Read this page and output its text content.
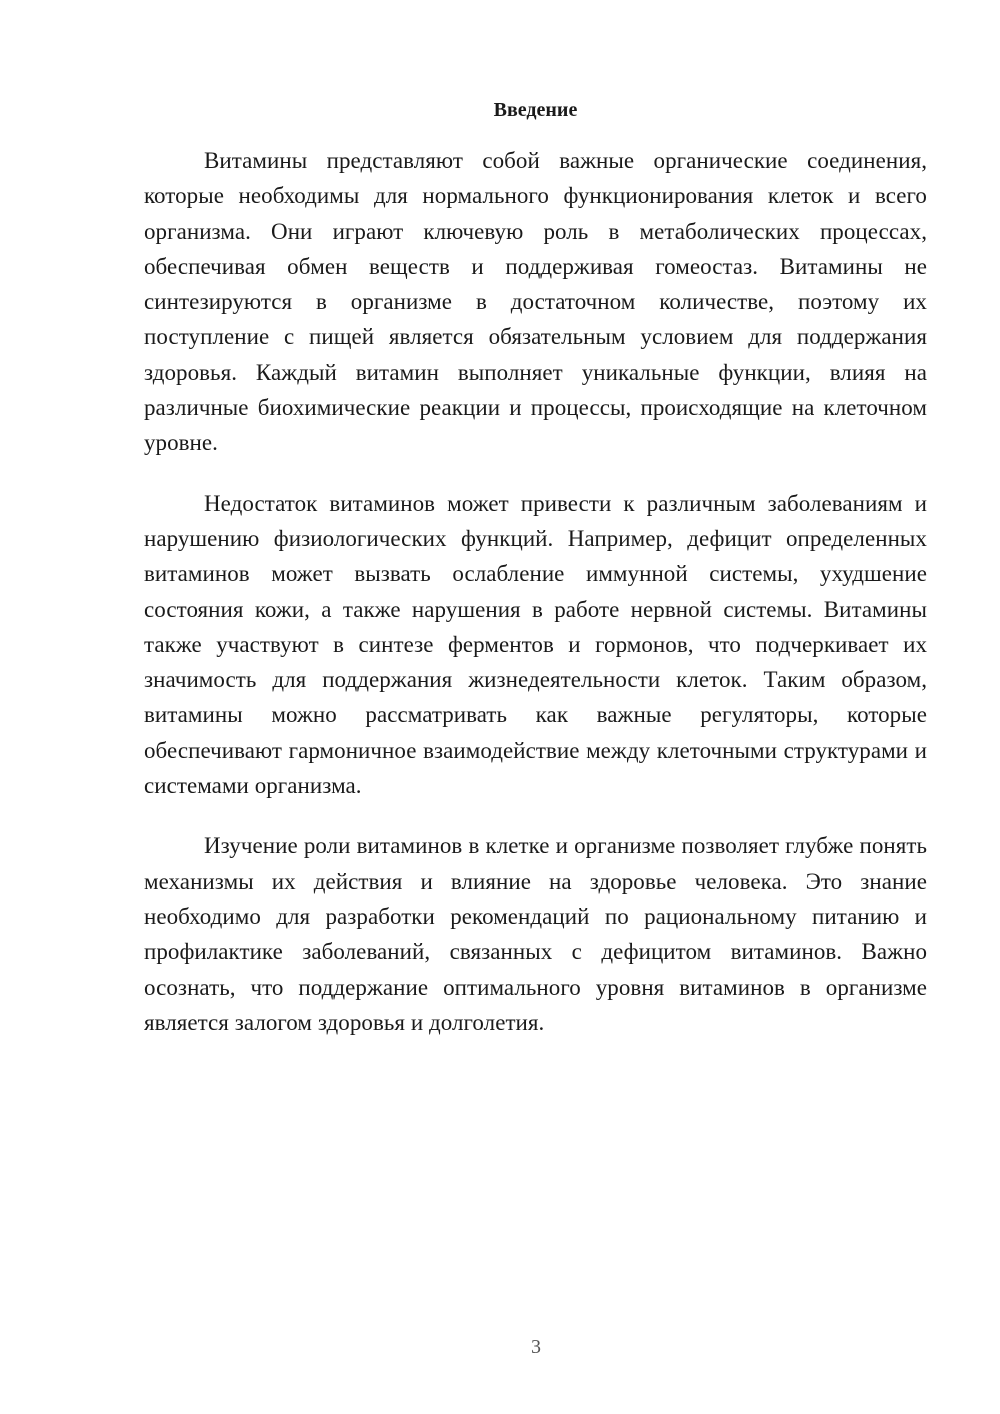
Введение

Витамины представляют собой важные органические соединения, которые необходимы для нормального функционирования клеток и всего организма. Они играют ключевую роль в метаболических процессах, обеспечивая обмен веществ и поддерживая гомеостаз. Витамины не синтезируются в организме в достаточном количестве, поэтому их поступление с пищей является обязательным условием для поддержания здоровья. Каждый витамин выполняет уникальные функции, влияя на различные биохимические реакции и процессы, происходящие на клеточном уровне.

Недостаток витаминов может привести к различным заболеваниям и нарушению физиологических функций. Например, дефицит определенных витаминов может вызвать ослабление иммунной системы, ухудшение состояния кожи, а также нарушения в работе нервной системы. Витамины также участвуют в синтезе ферментов и гормонов, что подчеркивает их значимость для поддержания жизнедеятельности клеток. Таким образом, витамины можно рассматривать как важные регуляторы, которые обеспечивают гармоничное взаимодействие между клеточными структурами и системами организма.

Изучение роли витаминов в клетке и организме позволяет глубже понять механизмы их действия и влияние на здоровье человека. Это знание необходимо для разработки рекомендаций по рациональному питанию и профилактике заболеваний, связанных с дефицитом витаминов. Важно осознать, что поддержание оптимального уровня витаминов в организме является залогом здоровья и долголетия.

3
